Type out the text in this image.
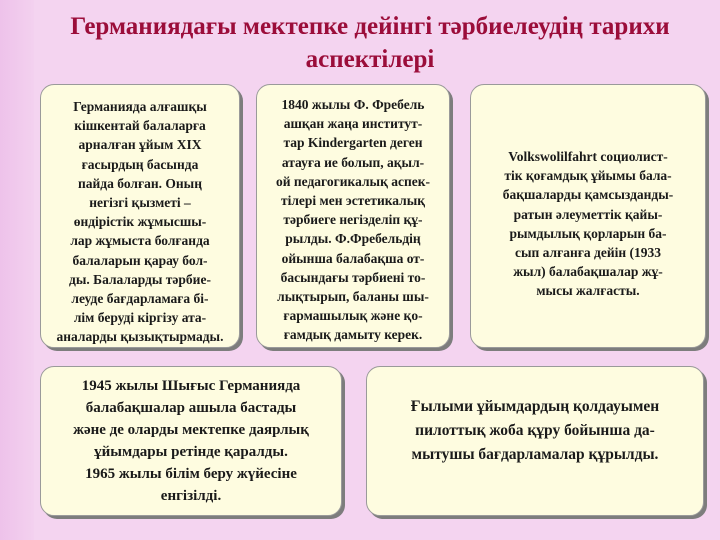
Германиядағы мектепке дейінгі тәрбиелеудің тарихи
аспектілері
Германияда алғашқы
кішкентай балаларға
арналған ұйым XIX
ғасырдың басында
пайда болған. Оның
негізгі қызметі –
өндірістік жұмысшы-
лар жұмыста болғанда
балаларын қарау бол-
ды. Балаларды тәрбие-
леуде бағдарламаға бі-
лім беруді кіргізу ата-
аналарды қызықтырмады.
1840 жылы Ф. Фребель
ашқан жаңа институт-
тар Kindergarten деген
атауға ие болып, ақыл-
ой педагогикалық аспек-
тілері мен эстетикалық
тәрбиеге негізделіп құ-
рылды. Ф.Фребельдің
ойынша балабақша от-
басындағы тәрбиені то-
лықтырып, баланы шы-
ғармашылық және қо-
ғамдық дамыту керек.
Volkswolilfahrt социолист-
тік қоғамдық ұйымы бала-
бақшаларды қамсызданды-
ратын әлеуметтік қайы-
рымдылық қорларын ба-
сып алғанға дейін (1933
жыл) балабақшалар жұ-
мысы жалғасты.
1945 жылы Шығыс Германияда
балабақшалар ашыла бастады
және де оларды мектепке даярлық
ұйымдары ретінде қаралды.
1965 жылы білім беру жүйесіне
енгізілді.
Ғылыми ұйымдардың қолдауымен
пилоттық жоба құру бойынша да-
мытушы бағдарламалар құрылды.
